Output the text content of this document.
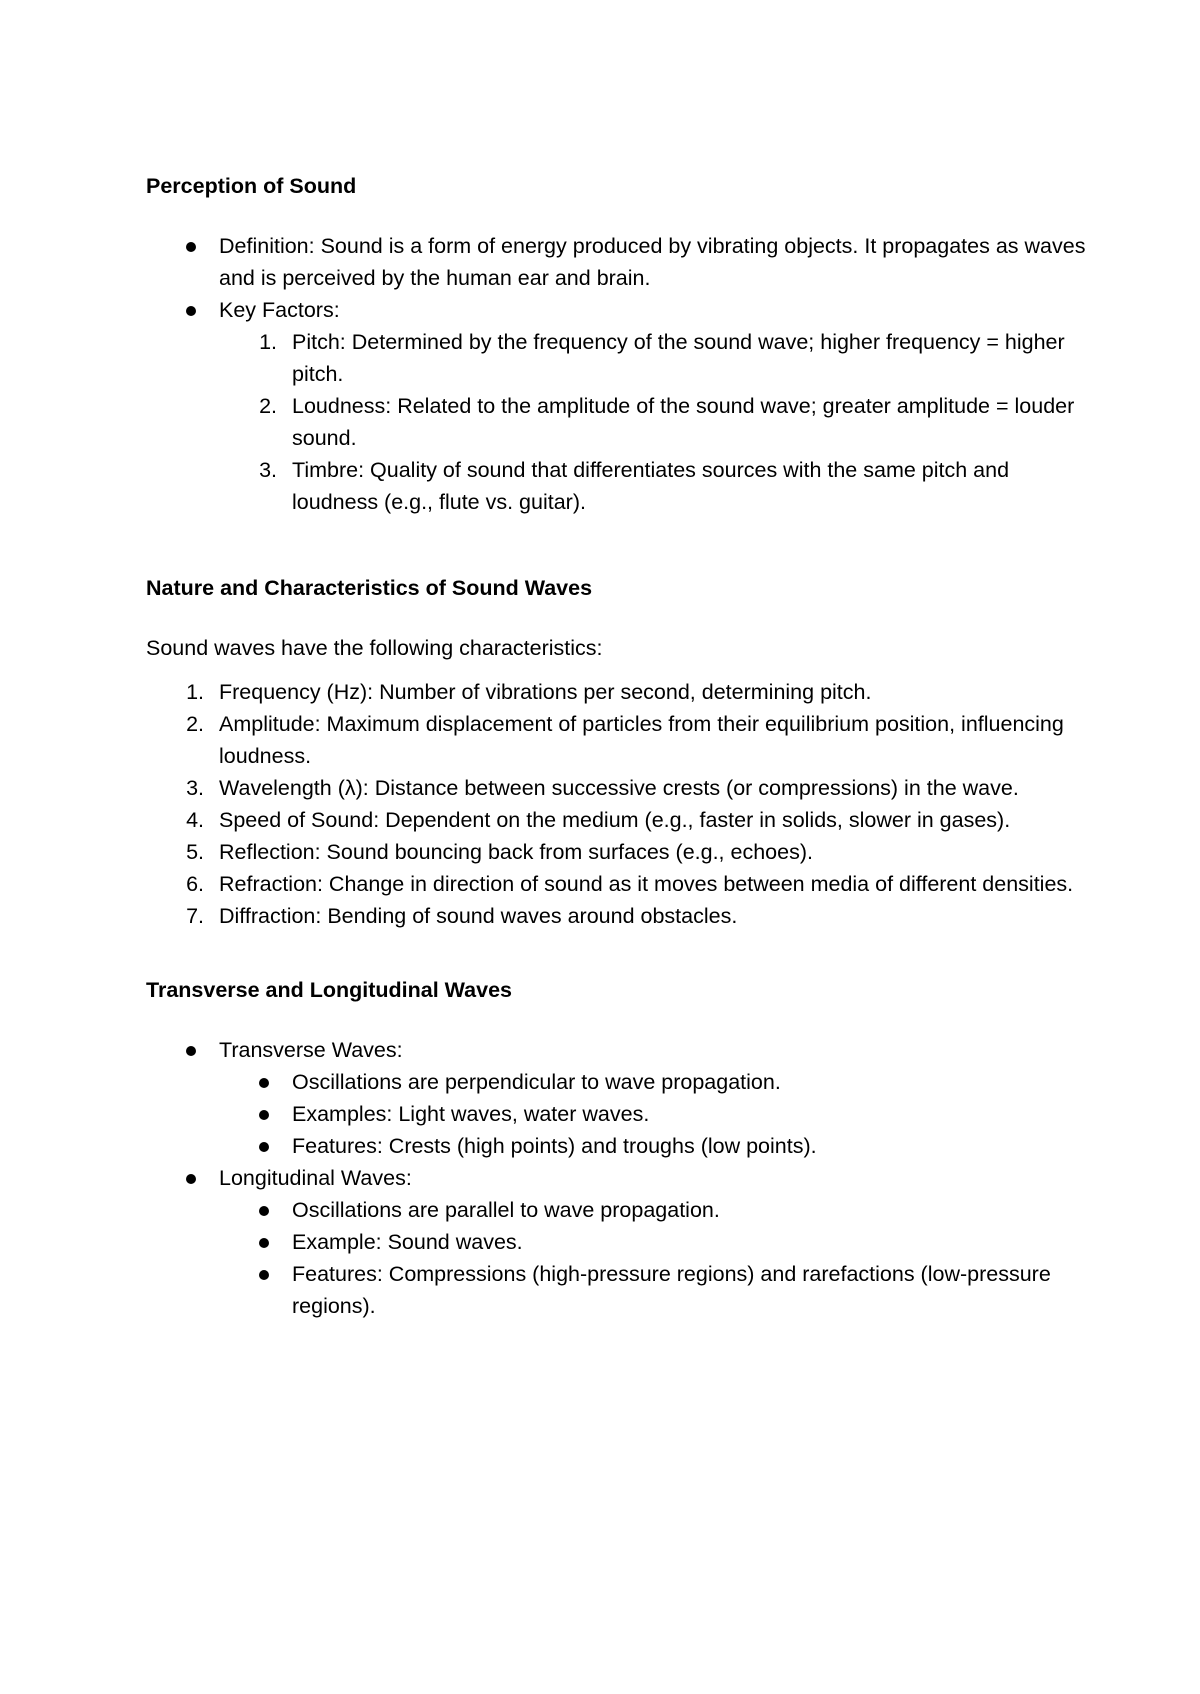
Perception of Sound
Definition: Sound is a form of energy produced by vibrating objects. It propagates as waves and is perceived by the human ear and brain.
Key Factors:
1. Pitch: Determined by the frequency of the sound wave; higher frequency = higher pitch.
2. Loudness: Related to the amplitude of the sound wave; greater amplitude = louder sound.
3. Timbre: Quality of sound that differentiates sources with the same pitch and loudness (e.g., flute vs. guitar).
Nature and Characteristics of Sound Waves

Sound waves have the following characteristics:

1. Frequency (Hz): Number of vibrations per second, determining pitch.
2. Amplitude: Maximum displacement of particles from their equilibrium position, influencing loudness.
3. Wavelength (λ): Distance between successive crests (or compressions) in the wave.
4. Speed of Sound: Dependent on the medium (e.g., faster in solids, slower in gases).
5. Reflection: Sound bouncing back from surfaces (e.g., echoes).
6. Refraction: Change in direction of sound as it moves between media of different densities.
7. Diffraction: Bending of sound waves around obstacles.
Transverse and Longitudinal Waves
Transverse Waves:
Oscillations are perpendicular to wave propagation.
Examples: Light waves, water waves.
Features: Crests (high points) and troughs (low points).
Longitudinal Waves:
Oscillations are parallel to wave propagation.
Example: Sound waves.
Features: Compressions (high-pressure regions) and rarefactions (low-pressure regions).
